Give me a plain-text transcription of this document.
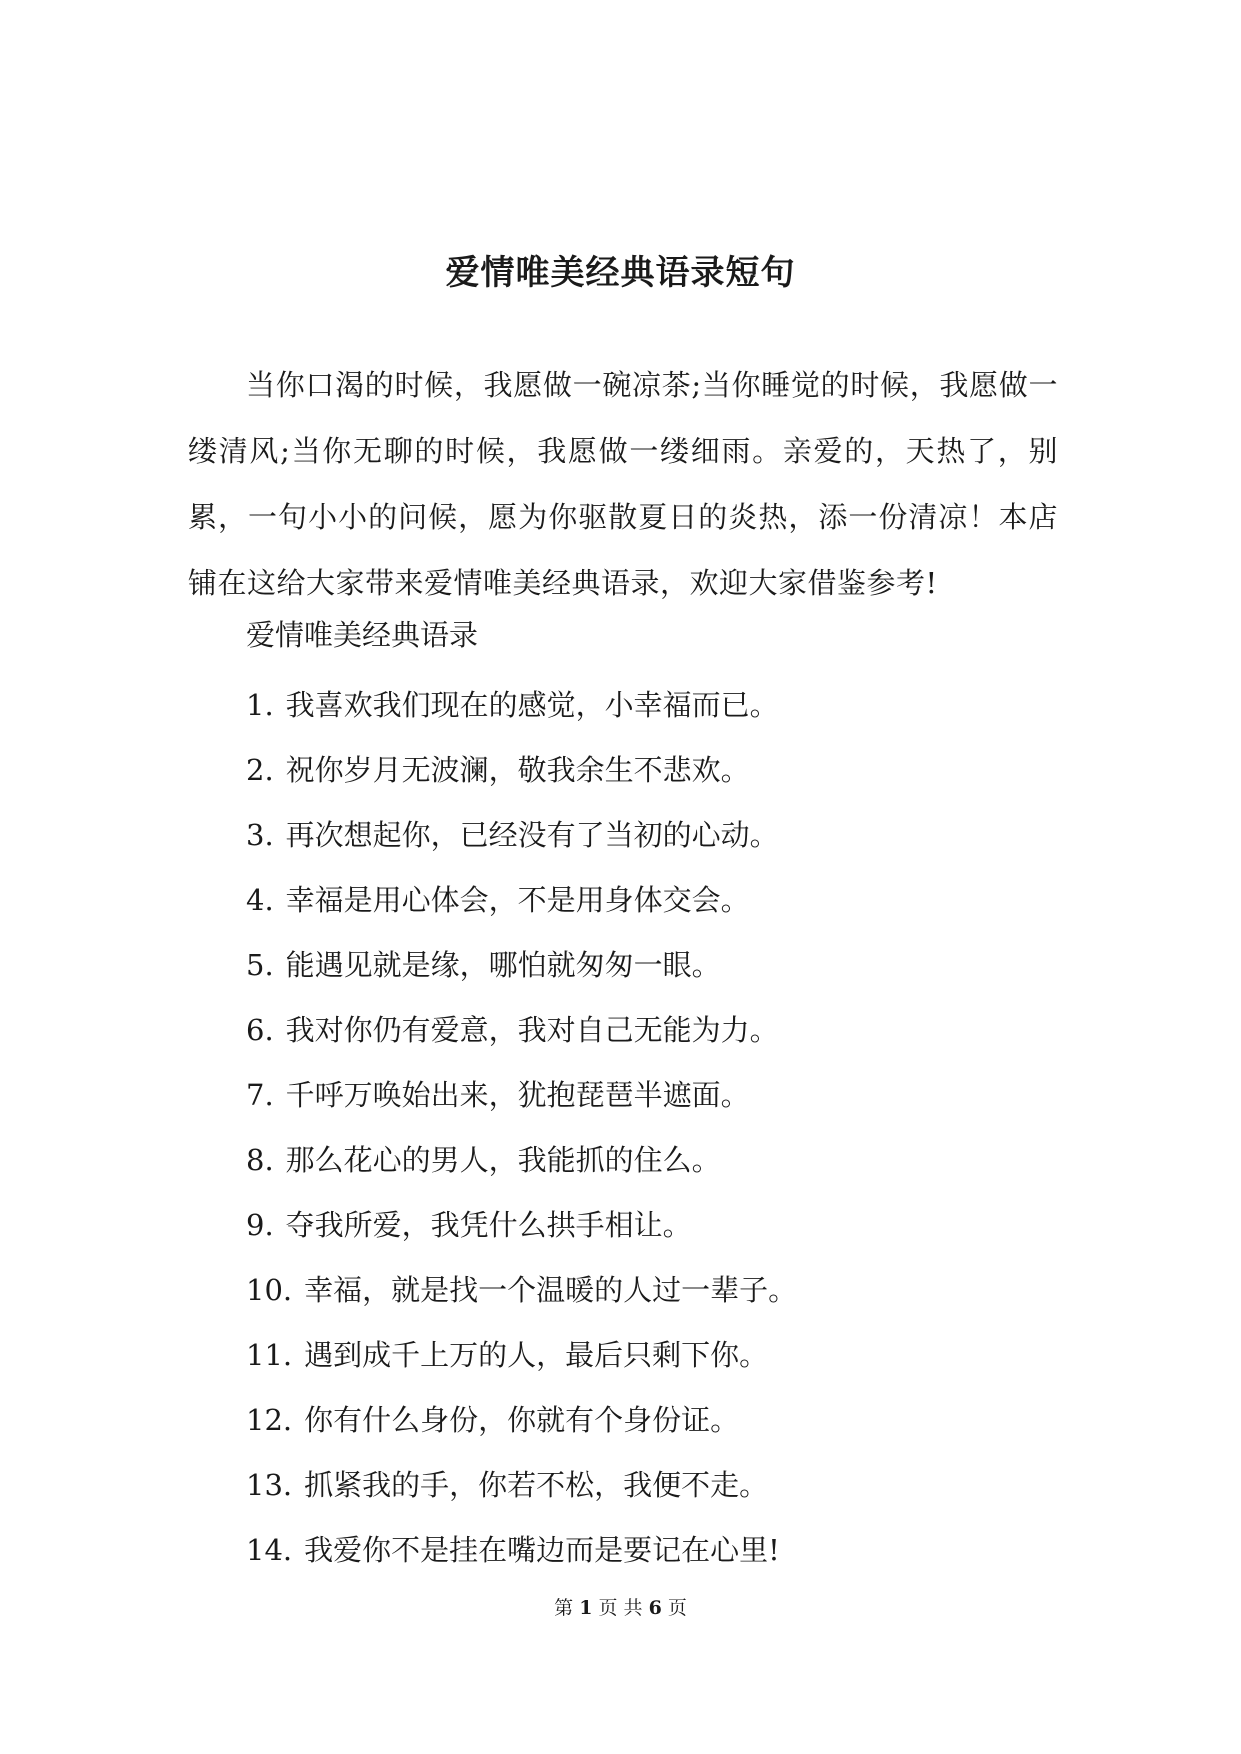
爱情唯美经典语录短句

当你口渴的时候，我愿做一碗凉茶;当你睡觉的时候，我愿做一缕清风;当你无聊的时候，我愿做一缕细雨。亲爱的，天热了，别累，一句小小的问候，愿为你驱散夏日的炎热，添一份清凉！本店铺在这给大家带来爱情唯美经典语录，欢迎大家借鉴参考!

爱情唯美经典语录

1. 我喜欢我们现在的感觉，小幸福而已。
2. 祝你岁月无波澜，敬我余生不悲欢。
3. 再次想起你，已经没有了当初的心动。
4. 幸福是用心体会，不是用身体交会。
5. 能遇见就是缘，哪怕就匆匆一眼。
6. 我对你仍有爱意，我对自己无能为力。
7. 千呼万唤始出来，犹抱琵琶半遮面。
8. 那么花心的男人，我能抓的住么。
9. 夺我所爱，我凭什么拱手相让。
10. 幸福，就是找一个温暖的人过一辈子。
11. 遇到成千上万的人，最后只剩下你。
12. 你有什么身份，你就有个身份证。
13. 抓紧我的手，你若不松，我便不走。
14. 我爱你不是挂在嘴边而是要记在心里!
第 1 页 共 6 页
